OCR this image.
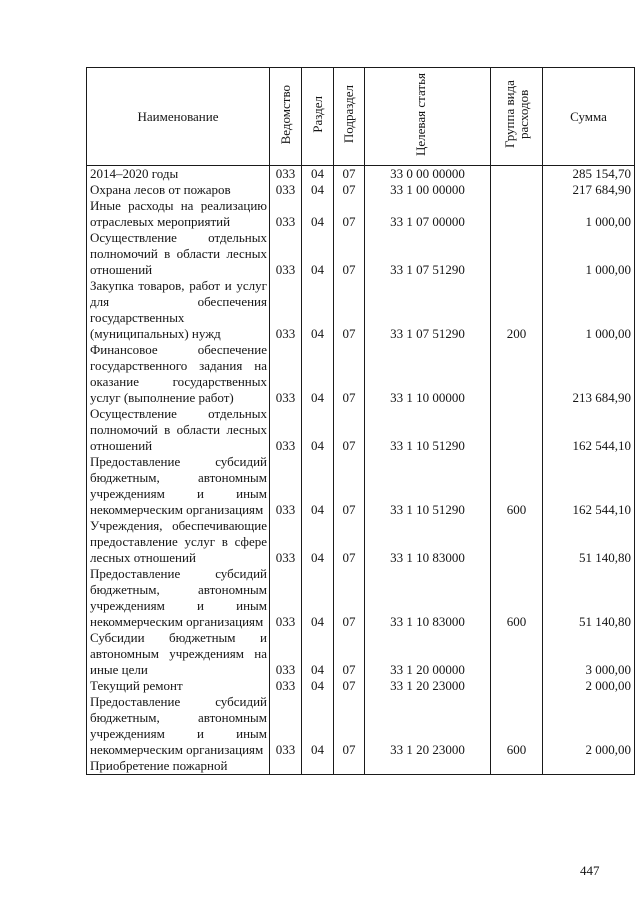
Наименование	Ведомство	Раздел	Подраздел	Целевая статья	Группа вида расходов	Сумма
2014–2020 годы	033	04	07	33 0 00 00000		285 154,70
Охрана лесов от пожаров	033	04	07	33 1 00 00000		217 684,90
Иные расходы на реализацию отраслевых мероприятий	033	04	07	33 1 07 00000		1 000,00
Осуществление отдельных полномочий в области лесных отношений	033	04	07	33 1 07 51290		1 000,00
Закупка товаров, работ и услуг для обеспечения государственных (муниципальных) нужд	033	04	07	33 1 07 51290	200	1 000,00
Финансовое обеспечение государственного задания на оказание государственных услуг (выполнение работ)	033	04	07	33 1 10 00000		213 684,90
Осуществление отдельных полномочий в области лесных отношений	033	04	07	33 1 10 51290		162 544,10
Предоставление субсидий бюджетным, автономным учреждениям и иным некоммерческим организациям	033	04	07	33 1 10 51290	600	162 544,10
Учреждения, обеспечивающие предоставление услуг в сфере лесных отношений	033	04	07	33 1 10 83000		51 140,80
Предоставление субсидий бюджетным, автономным учреждениям и иным некоммерческим организациям	033	04	07	33 1 10 83000	600	51 140,80
Субсидии бюджетным и автономным учреждениям на иные цели	033	04	07	33 1 20 00000		3 000,00
Текущий ремонт	033	04	07	33 1 20 23000		2 000,00
Предоставление субсидий бюджетным, автономным учреждениям и иным некоммерческим организациям	033	04	07	33 1 20 23000	600	2 000,00
Приобретение пожарной						
447
